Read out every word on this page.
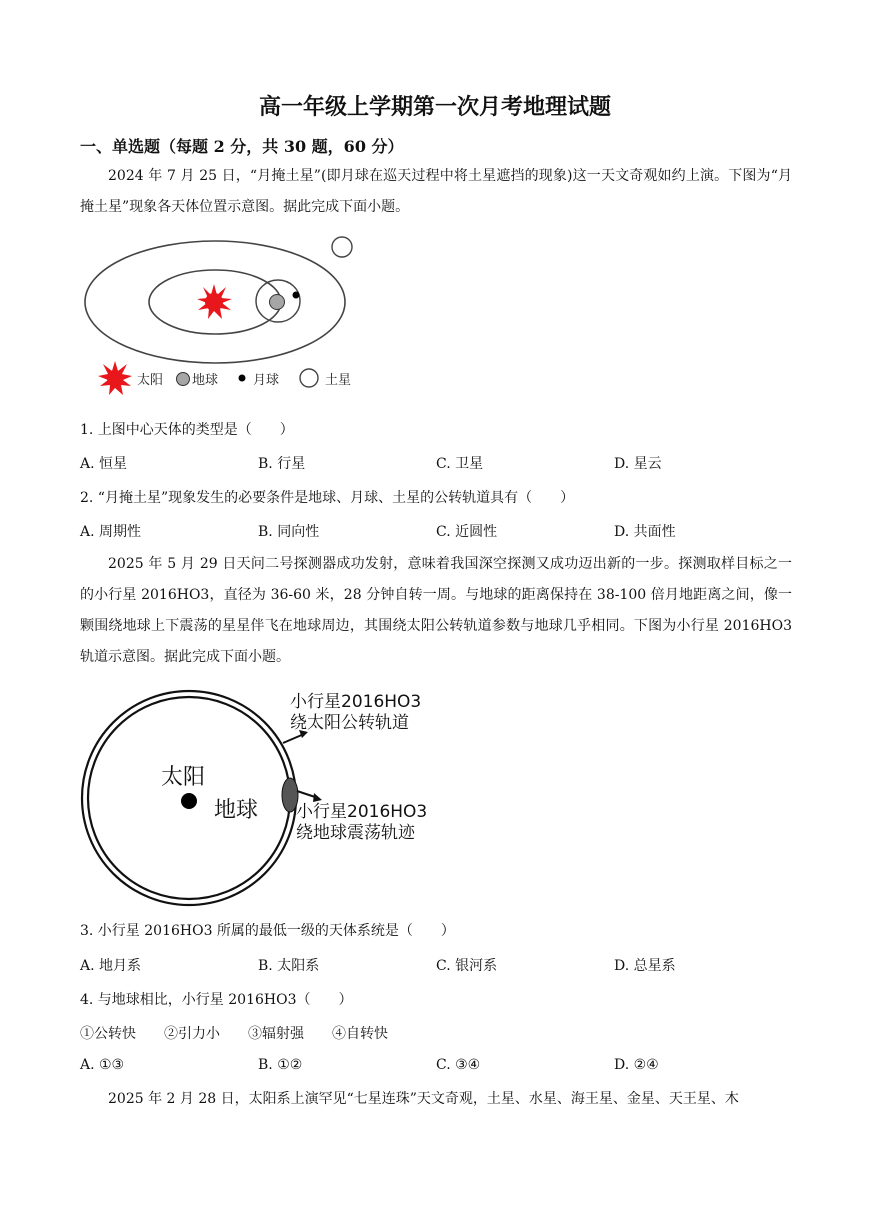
高一年级上学期第一次月考地理试题
一、单选题（每题 2 分，共 30 题，60 分）
2024 年 7 月 25 日，“月掩土星”(即月球在巡天过程中将土星遮挡的现象)这一天文奇观如约上演。下图为“月掩土星”现象各天体位置示意图。据此完成下面小题。
太阳 地球	月球	土星
1. 上图中心天体的类型是（　　）
A. 恒星	B. 行星	C. 卫星	D. 星云
2. “月掩土星”现象发生的必要条件是地球、月球、土星的公转轨道具有（　　）
A. 周期性	B. 同向性	C. 近圆性	D. 共面性
2025 年 5 月 29 日天问二号探测器成功发射，意味着我国深空探测又成功迈出新的一步。探测取样目标之一的小行星 2016HO3，直径为 36-60 米，28 分钟自转一周。与地球的距离保持在 38-100 倍月地距离之间，像一颗围绕地球上下震荡的星星伴飞在地球周边，其围绕太阳公转轨道参数与地球几乎相同。下图为小行星 2016HO3 轨道示意图。据此完成下面小题。
太阳
地球
小行星2016HO3
绕太阳公转轨道
小行星2016HO3
绕地球震荡轨迹
3. 小行星 2016HO3 所属的最低一级的天体系统是（　　）
A. 地月系	B. 太阳系	C. 银河系	D. 总星系
4. 与地球相比，小行星 2016HO3（　　）
①公转快　　②引力小　　③辐射强　　④自转快
A. ①③	B. ①②	C. ③④	D. ②④
2025 年 2 月 28 日，太阳系上演罕见“七星连珠”天文奇观，土星、水星、海王星、金星、天王星、木
